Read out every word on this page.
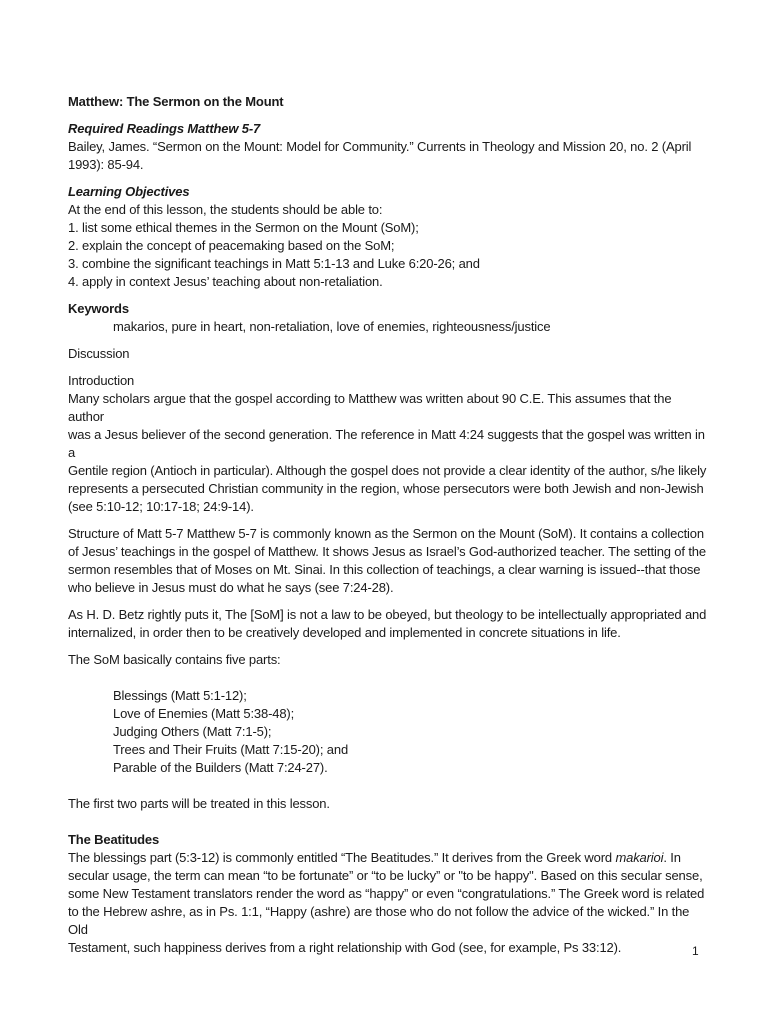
Matthew: The Sermon on the Mount

Required Readings Matthew 5-7

Bailey, James. “Sermon on the Mount: Model for Community.” Currents in Theology and Mission 20, no. 2 (April
1993): 85-94.

Learning Objectives

At the end of this lesson, the students should be able to:
1. list some ethical themes in the Sermon on the Mount (SoM);
2. explain the concept of peacemaking based on the SoM;
3. combine the significant teachings in Matt 5:1-13 and Luke 6:20-26; and
4. apply in context Jesus’ teaching about non-retaliation.

Keywords

makarios, pure in heart, non-retaliation, love of enemies, righteousness/justice

Discussion

Introduction

Many scholars argue that the gospel according to Matthew was written about 90 C.E. This assumes that the author
was a Jesus believer of the second generation. The reference in Matt 4:24 suggests that the gospel was written in a
Gentile region (Antioch in particular). Although the gospel does not provide a clear identity of the author, s/he likely
represents a persecuted Christian community in the region, whose persecutors were both Jewish and non-Jewish
(see 5:10-12; 10:17-18; 24:9-14).
Structure of Matt 5-7 Matthew 5-7 is commonly known as the Sermon on the Mount (SoM). It contains a collection
of Jesus’ teachings in the gospel of Matthew. It shows Jesus as Israel’s God-authorized teacher. The setting of the
sermon resembles that of Moses on Mt. Sinai. In this collection of teachings, a clear warning is issued--that those
who believe in Jesus must do what he says (see 7:24-28).
As H. D. Betz rightly puts it, The [SoM] is not a law to be obeyed, but theology to be intellectually appropriated and
internalized, in order then to be creatively developed and implemented in concrete situations in life.

The SoM basically contains five parts:

Blessings (Matt 5:1-12);
Love of Enemies (Matt 5:38-48);
Judging Others (Matt 7:1-5);
Trees and Their Fruits (Matt 7:15-20); and
Parable of the Builders (Matt 7:24-27).

The first two parts will be treated in this lesson.

The Beatitudes

The blessings part (5:3-12) is commonly entitled “The Beatitudes.” It derives from the Greek word makarioi. In
secular usage, the term can mean “to be fortunate” or “to be lucky” or "to be happy". Based on this secular sense,
some New Testament translators render the word as “happy” or even “congratulations.” The Greek word is related
to the Hebrew ashre, as in Ps. 1:1, “Happy (ashre) are those who do not follow the advice of the wicked.” In the Old
Testament, such happiness derives from a right relationship with God (see, for example, Ps 33:12).	1
